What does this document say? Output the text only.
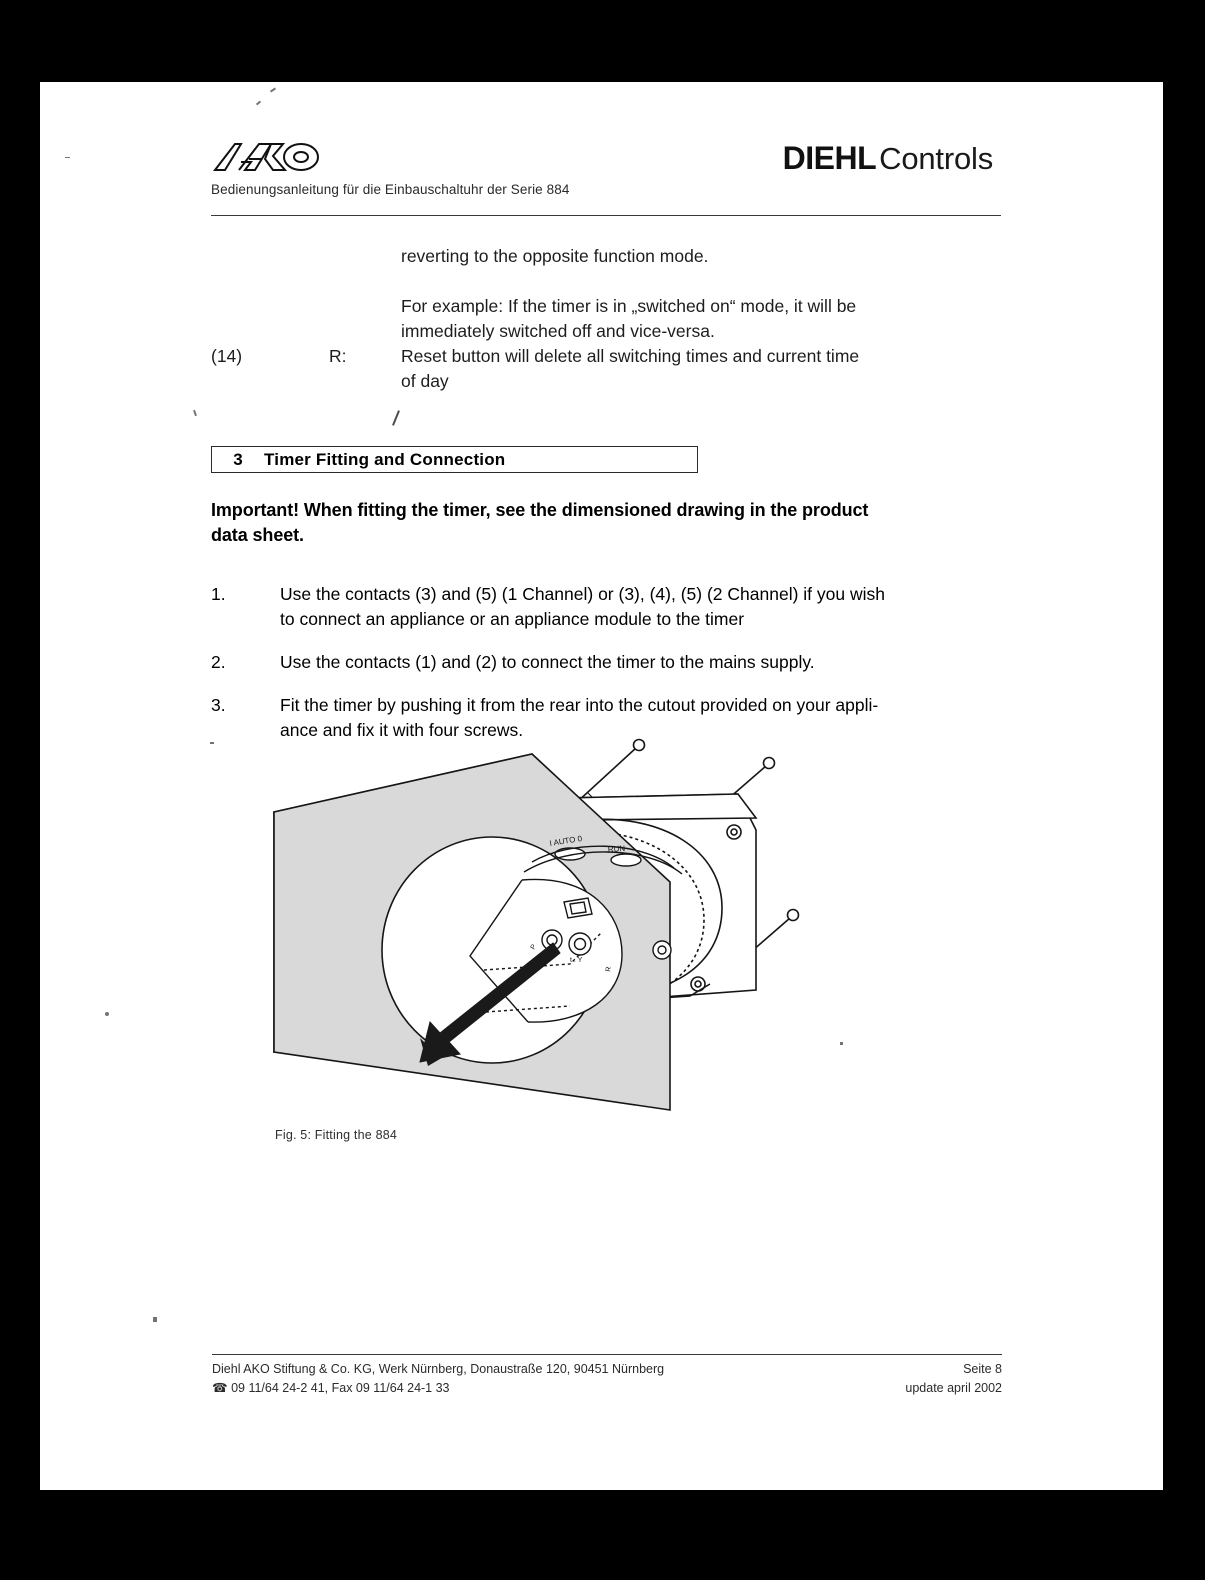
Bedienungsanleitung für die Einbauschaltuhr der Serie 884
DIEHL Controls
reverting to the opposite function mode.
For example: If the timer is in „switched on“ mode, it will be
immediately switched off and vice-versa.
(14)	R:	Reset button will delete all switching times and current time
of day
3	Timer Fitting and Connection
Important! When fitting the timer, see the dimensioned drawing in the product
data sheet.
1.	Use the contacts (3) and (5) (1 Channel) or (3), (4), (5) (2 Channel) if you wish
to connect an appliance or an appliance module to the timer
2.	Use the contacts (1) and (2) to connect the timer to the mains supply.
3.	Fit the timer by pushing it from the rear into the cutout provided on your appli-
ance and fix it with four screws.
I AUTO 0
RUN
P
t . Y
R
Fig. 5: Fitting the 884
Diehl AKO Stiftung & Co. KG, Werk Nürnberg, Donaustraße 120, 90451 Nürnberg
☎ 09 11/64 24-2 41, Fax 09 11/64 24-1 33
Seite 8
update april 2002
